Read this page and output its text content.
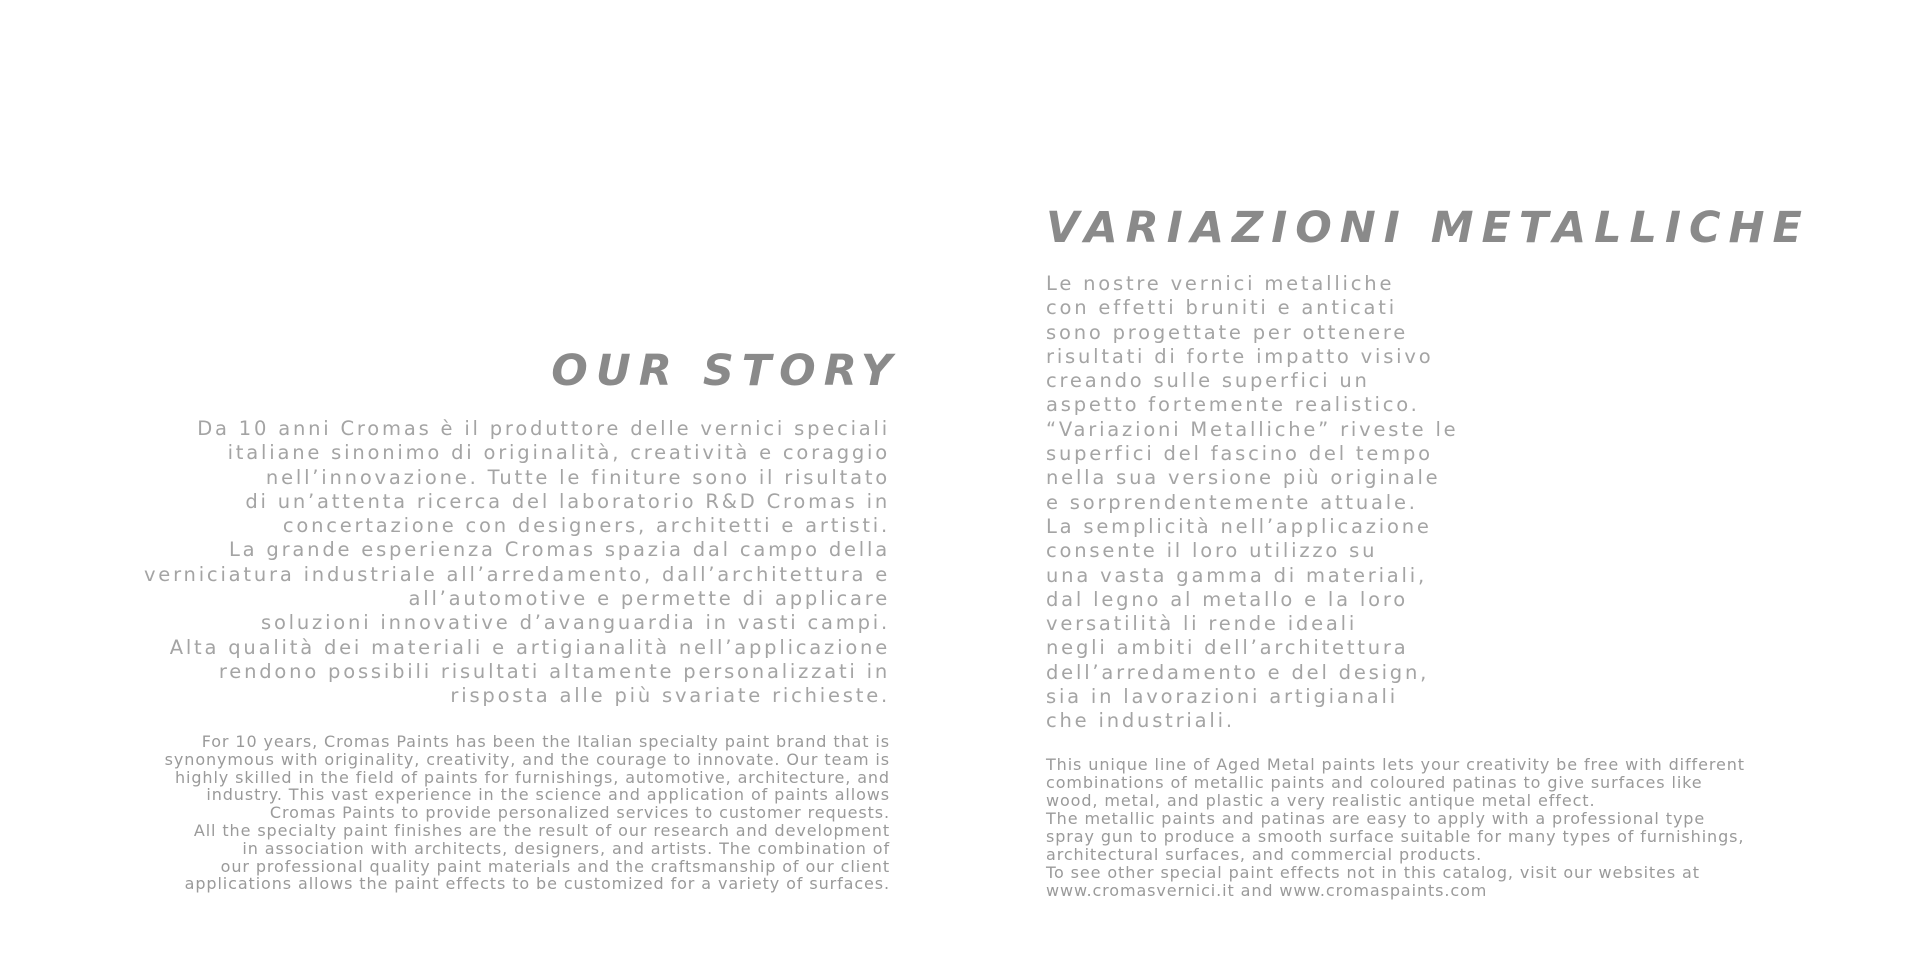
OUR STORY

Da 10 anni Cromas è il produttore delle vernici speciali
italiane sinonimo di originalità, creatività e coraggio
nell’innovazione. Tutte le finiture sono il risultato
di un’attenta ricerca del laboratorio R&D Cromas in
concertazione con designers, architetti e artisti.
La grande esperienza Cromas spazia dal campo della
verniciatura industriale all’arredamento, dall’architettura e
all’automotive e permette di applicare
soluzioni innovative d’avanguardia in vasti campi.
Alta qualità dei materiali e artigianalità nell’applicazione
rendono possibili risultati altamente personalizzati in
risposta alle più svariate richieste.

For 10 years, Cromas Paints has been the Italian specialty paint brand that is
synonymous with originality, creativity, and the courage to innovate. Our team is
highly skilled in the field of paints for furnishings, automotive, architecture, and
industry. This vast experience in the science and application of paints allows
Cromas Paints to provide personalized services to customer requests.
All the specialty paint finishes are the result of our research and development
in association with architects, designers, and artists. The combination of
our professional quality paint materials and the craftsmanship of our client
applications allows the paint effects to be customized for a variety of surfaces.

VARIAZIONI METALLICHE

Le nostre vernici metalliche
con effetti bruniti e anticati
sono progettate per ottenere
risultati di forte impatto visivo
creando sulle superfici un
aspetto fortemente realistico.
“Variazioni Metalliche” riveste le
superfici del fascino del tempo
nella sua versione più originale
e sorprendentemente attuale.
La semplicità nell’applicazione
consente il loro utilizzo su
una vasta gamma di materiali,
dal legno al metallo e la loro
versatilità li rende ideali
negli ambiti dell’architettura
dell’arredamento e del design,
sia in lavorazioni artigianali
che industriali.

This unique line of Aged Metal paints lets your creativity be free with different
combinations of metallic paints and coloured patinas to give surfaces like
wood, metal, and plastic a very realistic antique metal effect.
The metallic paints and patinas are easy to apply with a professional type
spray gun to produce a smooth surface suitable for many types of furnishings,
architectural surfaces, and commercial products.
To see other special paint effects not in this catalog, visit our websites at
www.cromasvernici.it and www.cromaspaints.com
